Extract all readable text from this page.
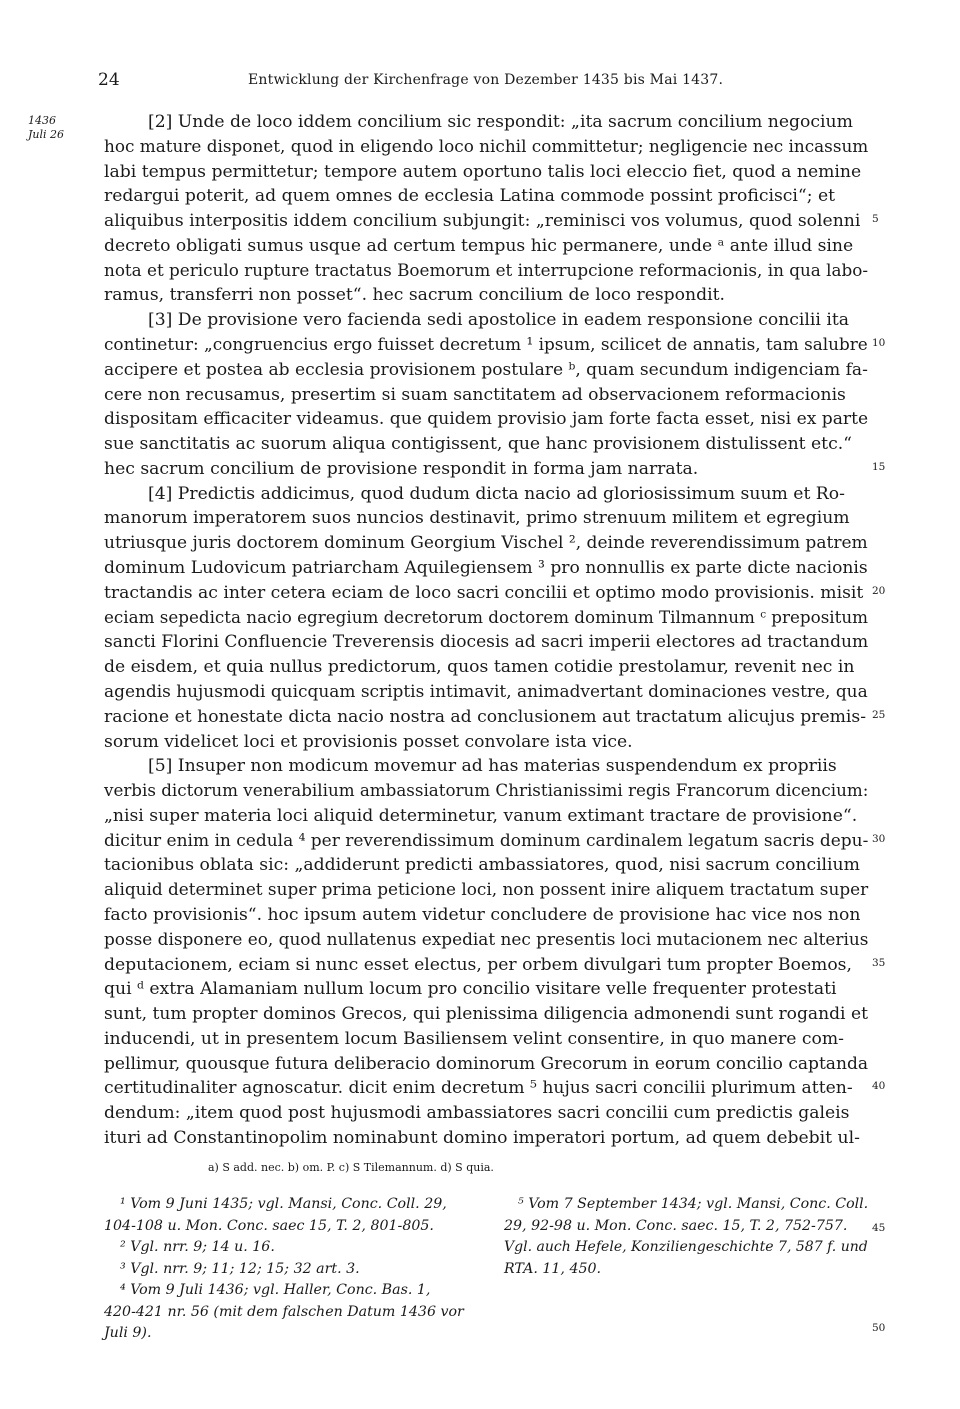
24	Entwicklung der Kirchenfrage von Dezember 1435 bis Mai 1437.
1436
Juli 26
[2] Unde de loco iddem concilium sic respondit: „ita sacrum concilium negocium
hoc mature disponet, quod in eligendo loco nichil committetur; negligencie nec incassum
labi tempus permittetur; tempore autem oportuno talis loci eleccio fiet, quod a nemine
redargui poterit, ad quem omnes de ecclesia Latina commode possint proficisci“; et
aliquibus interpositis iddem concilium subjungit: „reminisci vos volumus, quod solenni
decreto obligati sumus usque ad certum tempus hic permanere, unde ᵃ ante illud sine
nota et periculo rupture tractatus Boemorum et interrupcione reformacionis, in qua labo-
ramus, transferri non posset“. hec sacrum concilium de loco respondit.
[3] De provisione vero facienda sedi apostolice in eadem responsione concilii ita
continetur: „congruencius ergo fuisset decretum ¹ ipsum, scilicet de annatis, tam salubre
accipere et postea ab ecclesia provisionem postulare ᵇ, quam secundum indigenciam fa-
cere non recusamus, presertim si suam sanctitatem ad observacionem reformacionis
dispositam efficaciter videamus. que quidem provisio jam forte facta esset, nisi ex parte
sue sanctitatis ac suorum aliqua contigissent, que hanc provisionem distulissent etc.“
hec sacrum concilium de provisione respondit in forma jam narrata.
[4] Predictis addicimus, quod dudum dicta nacio ad gloriosissimum suum et Ro-
manorum imperatorem suos nuncios destinavit, primo strenuum militem et egregium
utriusque juris doctorem dominum Georgium Vischel ², deinde reverendissimum patrem
dominum Ludovicum patriarcham Aquilegiensem ³ pro nonnullis ex parte dicte nacionis
tractandis ac inter cetera eciam de loco sacri concilii et optimo modo provisionis. misit
eciam sepedicta nacio egregium decretorum doctorem dominum Tilmannum ᶜ prepositum
sancti Florini Confluencie Treverensis diocesis ad sacri imperii electores ad tractandum
de eisdem, et quia nullus predictorum, quos tamen cotidie prestolamur, revenit nec in
agendis hujusmodi quicquam scriptis intimavit, animadvertant dominaciones vestre, qua
racione et honestate dicta nacio nostra ad conclusionem aut tractatum alicujus premis-
sorum videlicet loci et provisionis posset convolare ista vice.
[5] Insuper non modicum movemur ad has materias suspendendum ex propriis
verbis dictorum venerabilium ambassiatorum Christianissimi regis Francorum dicencium:
„nisi super materia loci aliquid determinetur, vanum extimant tractare de provisione“.
dicitur enim in cedula ⁴ per reverendissimum dominum cardinalem legatum sacris depu-
tacionibus oblata sic: „addiderunt predicti ambassiatores, quod, nisi sacrum concilium
aliquid determinet super prima peticione loci, non possent inire aliquem tractatum super
facto provisionis“. hoc ipsum autem videtur concludere de provisione hac vice nos non
posse disponere eo, quod nullatenus expediat nec presentis loci mutacionem nec alterius
deputacionem, eciam si nunc esset electus, per orbem divulgari tum propter Boemos,
qui ᵈ extra Alamaniam nullum locum pro concilio visitare velle frequenter protestati
sunt, tum propter dominos Grecos, qui plenissima diligencia admonendi sunt rogandi et
inducendi, ut in presentem locum Basiliensem velint consentire, in quo manere com-
pellimur, quousque futura deliberacio dominorum Grecorum in eorum concilio captanda
certitudinaliter agnoscatur. dicit enim decretum ⁵ hujus sacri concilii plurimum atten-
dendum: „item quod post hujusmodi ambassiatores sacri concilii cum predictis galeis
ituri ad Constantinopolim nominabunt domino imperatori portum, ad quem debebit ul-
5
10
15
20
25
30
35
40
45
50
a) S add. nec. b) om. P. c) S Tilemannum. d) S quia.
¹ Vom 9 Juni 1435; vgl. Mansi, Conc. Coll. 29,
104-108 u. Mon. Conc. saec 15, T. 2, 801-805.
² Vgl. nrr. 9; 14 u. 16.
³ Vgl. nrr. 9; 11; 12; 15; 32 art. 3.
⁴ Vom 9 Juli 1436; vgl. Haller, Conc. Bas. 1,
420-421 nr. 56 (mit dem falschen Datum 1436 vor
Juli 9).
⁵ Vom 7 September 1434; vgl. Mansi, Conc. Coll.
29, 92-98 u. Mon. Conc. saec. 15, T. 2, 752-757.
Vgl. auch Hefele, Konziliengeschichte 7, 587 f. und
RTA. 11, 450.
